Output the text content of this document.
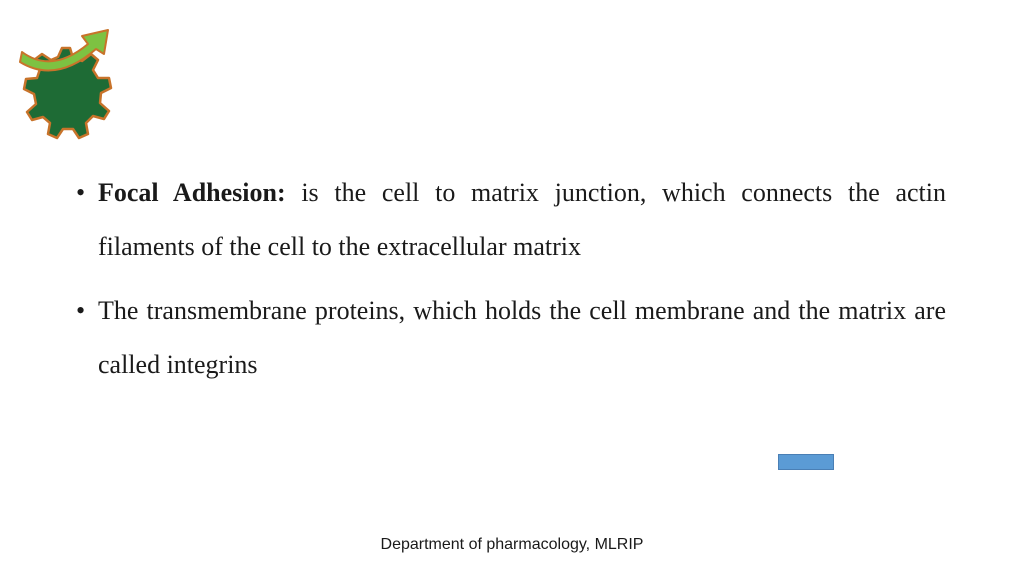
• Focal Adhesion: is the cell to matrix junction, which connects the actin filaments of the cell to the extracellular matrix
• The transmembrane proteins, which holds the cell membrane and the matrix are called integrins
Department of pharmacology, MLRIP
